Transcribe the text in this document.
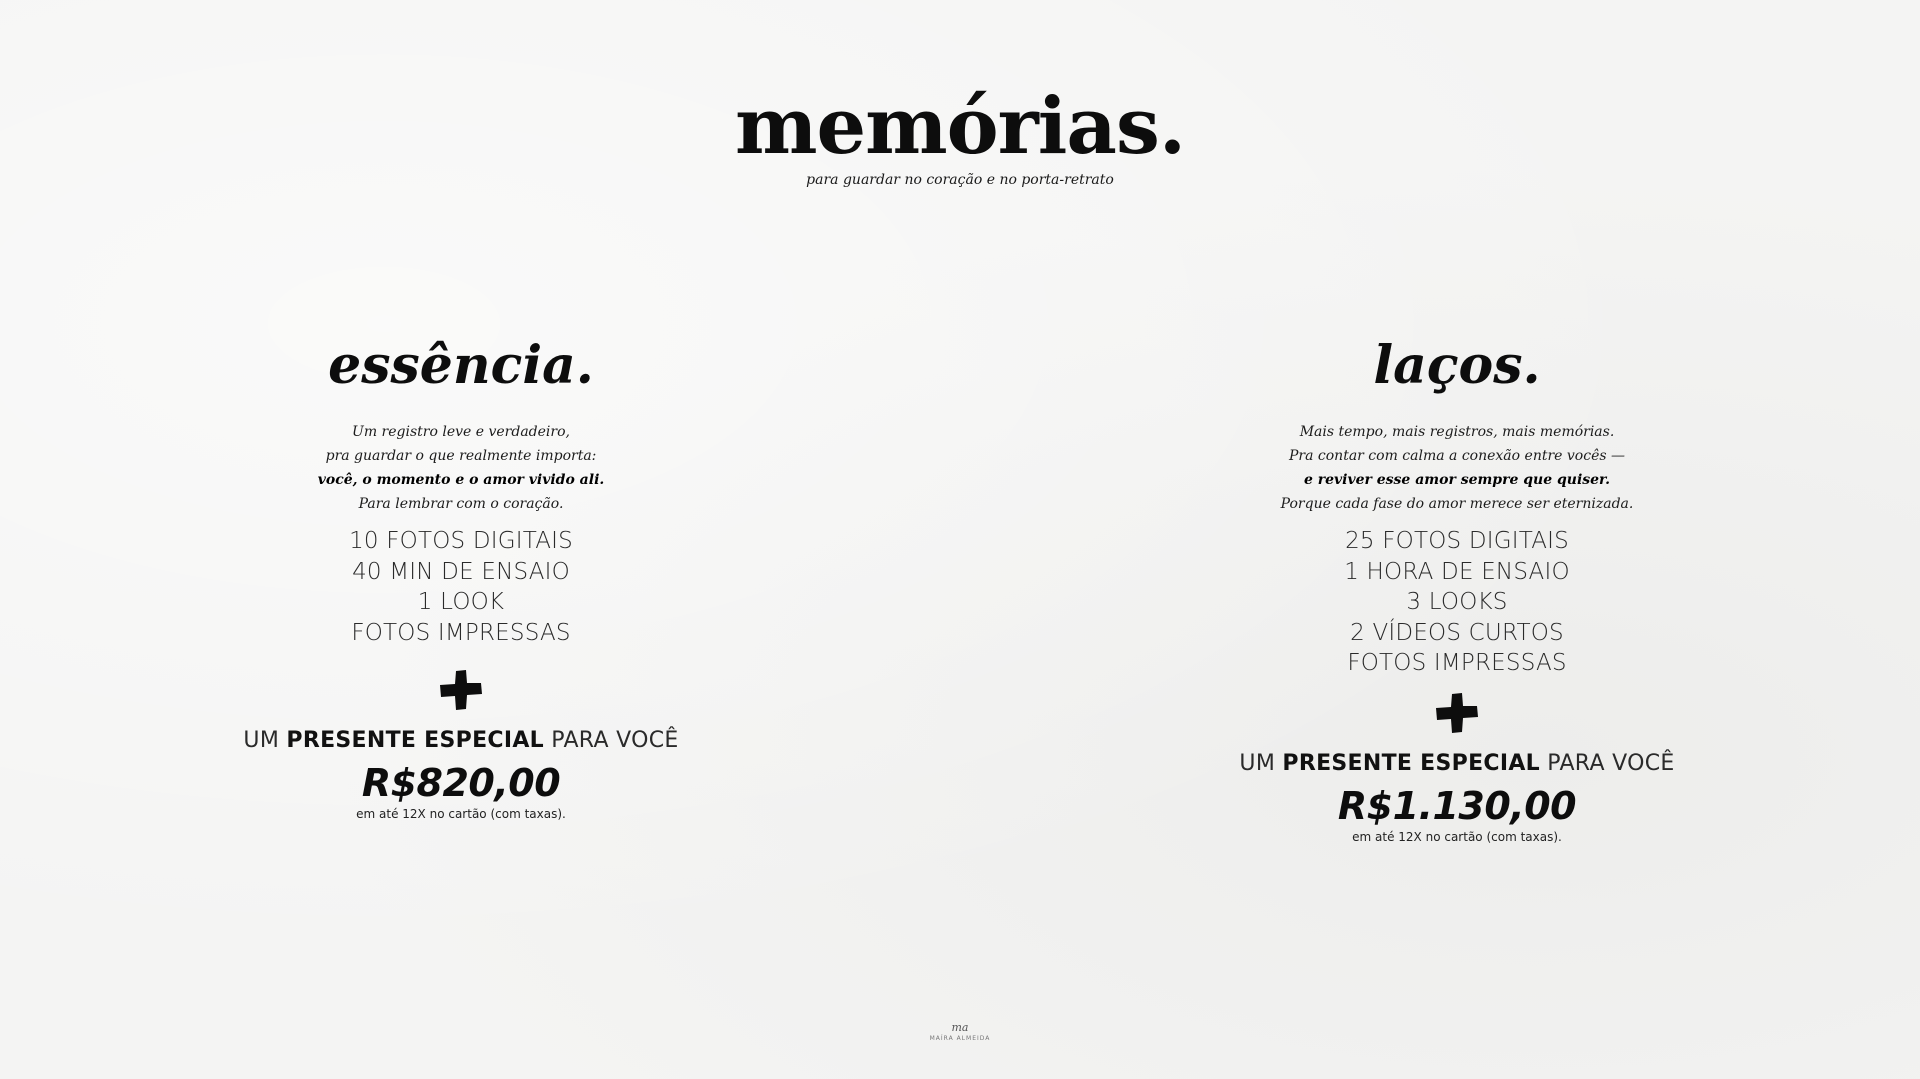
memórias.
para guardar no coração e no porta-retrato
essência.
Um registro leve e verdadeiro,
pra guardar o que realmente importa:
você, o momento e o amor vivido ali.
Para lembrar com o coração.
10 FOTOS DIGITAIS
40 MIN DE ENSAIO
1 LOOK
FOTOS IMPRESSAS
UM PRESENTE ESPECIAL PARA VOCÊ
R$820,00
em até 12X no cartão (com taxas).
laços.
Mais tempo, mais registros, mais memórias.
Pra contar com calma a conexão entre vocês —
e reviver esse amor sempre que quiser.
Porque cada fase do amor merece ser eternizada.
25 FOTOS DIGITAIS
1 HORA DE ENSAIO
3 LOOKS
2 VÍDEOS CURTOS
FOTOS IMPRESSAS
UM PRESENTE ESPECIAL PARA VOCÊ
R$1.130,00
em até 12X no cartão (com taxas).
ma
MAÍRA ALMEIDA
